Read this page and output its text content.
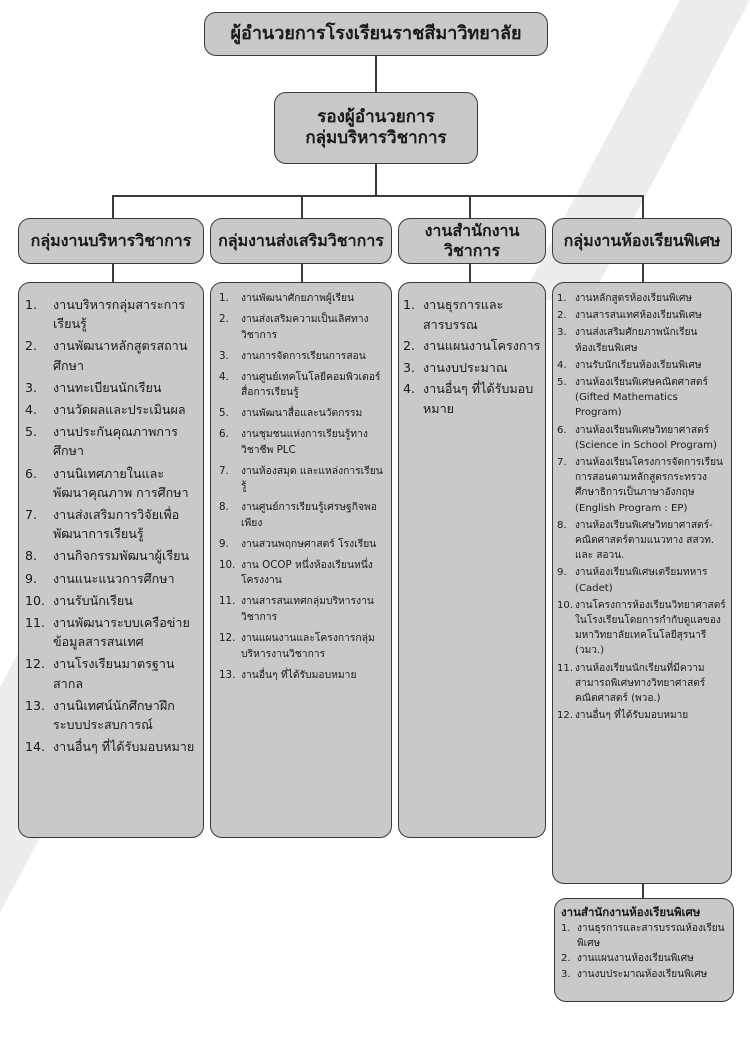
ผู้อำนวยการโรงเรียนราชสีมาวิทยาลัย
รองผู้อำนวยการ
กลุ่มบริหารวิชาการ
กลุ่มงานบริหารวิชาการ กลุ่มงานส่งเสริมวิชาการ
งานสำนักงานวิชาการ
กลุ่มงานห้องเรียนพิเศษ
1.	งานบริหารกลุ่มสาระการเรียนรู้
2.	งานพัฒนาหลักสูตรสถานศึกษา
3.	งานทะเบียนนักเรียน
4.	งานวัดผลและประเมินผล
5.	งานประกันคุณภาพการศึกษา
6.	งานนิเทศภายในและพัฒนาคุณภาพ การศึกษา
7.	งานส่งเสริมการวิจัยเพื่อพัฒนาการเรียนรู้
8.	งานกิจกรรมพัฒนาผู้เรียน
9.	งานแนะแนวการศึกษา
10. งานรับนักเรียน
11. งานพัฒนาระบบเครือข่ายข้อมูลสารสนเทศ
12. งานโรงเรียนมาตรฐานสากล
13. งานนิเทศน์นักศึกษาฝึกระบบประสบการณ์
14. งานอื่นๆ ที่ได้รับมอบหมาย
1.	งานพัฒนาศักยภาพผู้เรียน
2.	งานส่งเสริมความเป็นเลิศทางวิชาการ
3.	งานการจัดการเรียนการสอน
4.	งานศูนย์เทคโนโลยีคอมพิวเตอร์สื่อการเรียนรู้
5.	งานพัฒนาสื่อและนวัตกรรม
6.	งานชุมชนแห่งการเรียนรู้ทางวิชาชีพ PLC
7.	งานห้องสมุด และแหล่งการเรียนรู้
8.	งานศูนย์การเรียนรู้เศรษฐกิจพอเพียง
9.	งานสวนพฤกษศาสตร์ โรงเรียน
10. งาน OCOP หนึ่งห้องเรียนหนึ่งโครงงาน
11. งานสารสนเทศกลุ่มบริหารงานวิชาการ
12. งานแผนงานและโครงการกลุ่มบริหารงานวิชาการ
13. งานอื่นๆ ที่ได้รับมอบหมาย
1. งานธุรการและสารบรรณ
2. งานแผนงานโครงการ
3. งานงบประมาณ
4. งานอื่นๆ ที่ได้รับมอบหมาย
1. งานหลักสูตรห้องเรียนพิเศษ
2. งานสารสนเทศห้องเรียนพิเศษ
3. งานส่งเสริมศักยภาพนักเรียนห้องเรียนพิเศษ
4. งานรับนักเรียนห้องเรียนพิเศษ
5. งานห้องเรียนพิเศษคณิตศาสตร์ (Gifted Mathematics Program)
6. งานห้องเรียนพิเศษวิทยาศาสตร์ (Science in School Program)
7. งานห้องเรียนโครงการจัดการเรียนการสอนตามหลักสูตรกระทรวงศึกษาธิการเป็นภาษาอังกฤษ (English Program : EP)
8. งานห้องเรียนพิเศษวิทยาศาสตร์-คณิตศาสตร์ตามแนวทาง สสวท. และ สอวน.
9. งานห้องเรียนพิเศษเตรียมทหาร (Cadet)
10. งานโครงการห้องเรียนวิทยาศาสตร์ในโรงเรียนโดยการกำกับดูแลของมหาวิทยาลัยเทคโนโลยีสุรนารี (วมว.)
11. งานห้องเรียนนักเรียนที่มีความสามารถพิเศษทางวิทยาศาสตร์คณิตศาสตร์ (พวอ.)
12. งานอื่นๆ ที่ได้รับมอบหมาย
งานสำนักงานห้องเรียนพิเศษ
1. งานธุรการและสารบรรณห้องเรียนพิเศษ
2. งานแผนงานห้องเรียนพิเศษ
3. งานงบประมาณห้องเรียนพิเศษ
